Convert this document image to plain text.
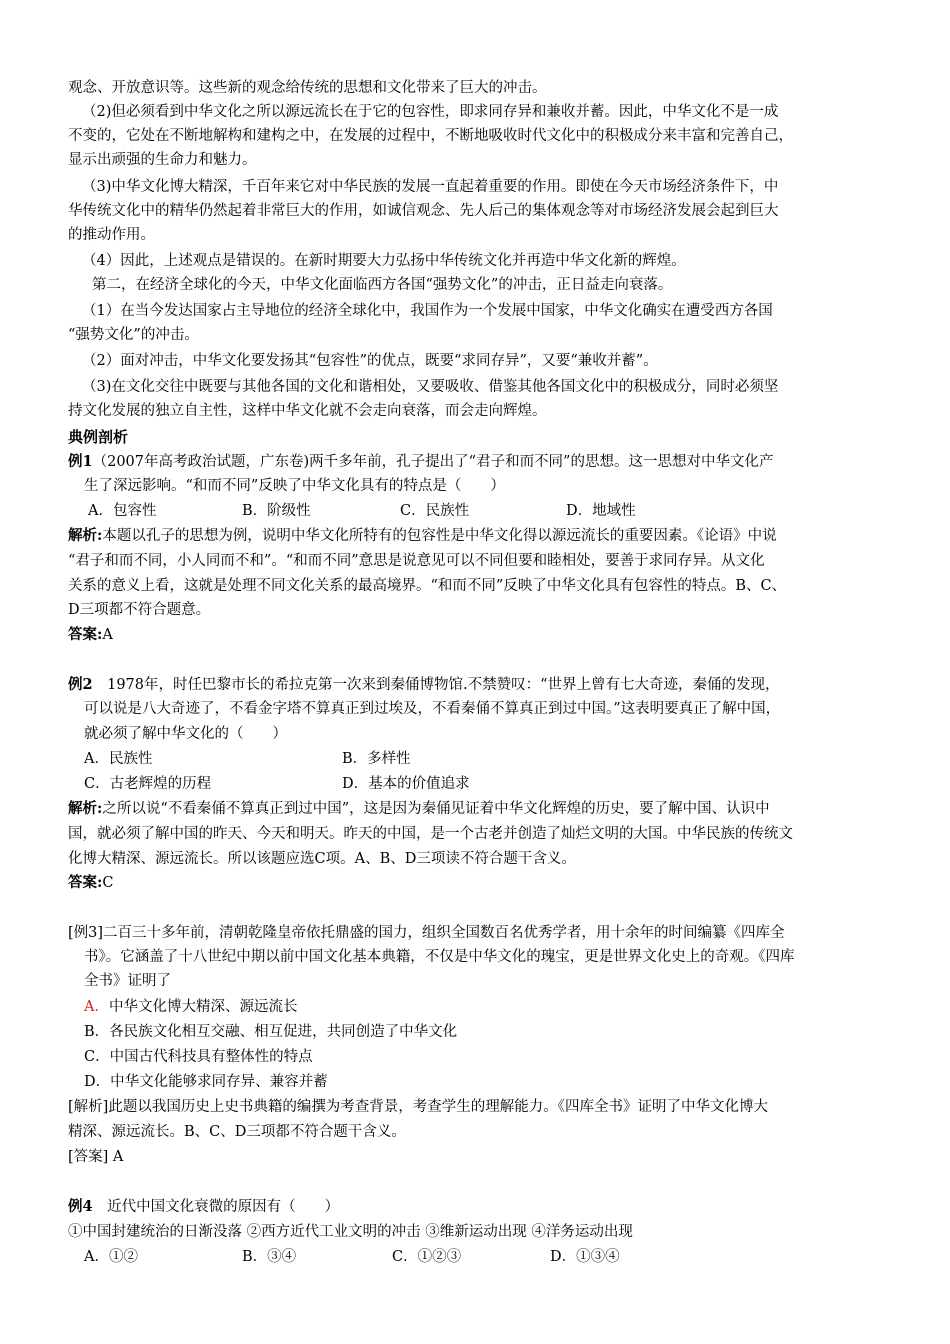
观念、开放意识等。这些新的观念给传统的思想和文化带来了巨大的冲击。
（2)但必须看到中华文化之所以源远流长在于它的包容性，即求同存异和兼收并蓄。因此，中华文化不是一成
不变的，它处在不断地解构和建构之中，在发展的过程中，不断地吸收时代文化中的积极成分来丰富和完善自己，
显示出顽强的生命力和魅力。
（3)中华文化博大精深，千百年来它对中华民族的发展一直起着重要的作用。即使在今天市场经济条件下，中
华传统文化中的精华仍然起着非常巨大的作用，如诚信观念、先人后己的集体观念等对市场经济发展会起到巨大
的推动作用。
（4）因此，上述观点是错误的。在新时期要大力弘扬中华传统文化并再造中华文化新的辉煌。
第二，在经济全球化的今天，中华文化面临西方各国“强势文化”的冲击，正日益走向衰落。
（1）在当今发达国家占主导地位的经济全球化中，我国作为一个发展中国家，中华文化确实在遭受西方各国
“强势文化”的冲击。
（2）面对冲击，中华文化要发扬其“包容性”的优点，既要“求同存异”，又要“兼收并蓄”。
（3)在文化交往中既要与其他各国的文化和谐相处，又要吸收、借鉴其他各国文化中的积极成分，同时必须坚
持文化发展的独立自主性，这样中华文化就不会走向衰落，而会走向辉煌。
典例剖析
例1（2007年高考政治试题，广东卷)两千多年前，孔子提出了“君子和而不同”的思想。这一思想对中华文化产
生了深远影响。“和而不同”反映了中华文化具有的特点是（　　）
A．包容性	B．阶级性	C．民族性	D．地域性
解析:本题以孔子的思想为例，说明中华文化所特有的包容性是中华文化得以源远流长的重要因素。《论语》中说
“君子和而不同，小人同而不和”。“和而不同”意思是说意见可以不同但要和睦相处，要善于求同存异。从文化
关系的意义上看，这就是处理不同文化关系的最高境界。“和而不同”反映了中华文化具有包容性的特点。B、C、
D三项都不符合题意。
答案:A
例2　1978年，时任巴黎市长的希拉克第一次来到秦俑博物馆.不禁赞叹：“世界上曾有七大奇迹，秦俑的发现，
可以说是八大奇迹了，不看金字塔不算真正到过埃及，不看秦俑不算真正到过中国。”这表明要真正了解中国，
就必须了解中华文化的（　　）
A．民族性	B．多样性
C．古老辉煌的历程	D．基本的价值追求
解析:之所以说“不看秦俑不算真正到过中国”，这是因为秦俑见证着中华文化辉煌的历史，要了解中国、认识中
国，就必须了解中国的昨天、今天和明天。昨天的中国，是一个古老并创造了灿烂文明的大国。中华民族的传统文
化博大精深、源远流长。所以该题应选C项。A、B、D三项读不符合题干含义。
答案:C
[例3]二百三十多年前，清朝乾隆皇帝依托鼎盛的国力，组织全国数百名优秀学者，用十余年的时间编纂《四库全
书》。它涵盖了十八世纪中期以前中国文化基本典籍，不仅是中华文化的瑰宝，更是世界文化史上的奇观。《四库
全书》证明了
A．中华文化博大精深、源远流长
B．各民族文化相互交融、相互促进，共同创造了中华文化
C．中国古代科技具有整体性的特点
D．中华文化能够求同存异、兼容并蓄
[解析]此题以我国历史上史书典籍的编撰为考查背景，考查学生的理解能力。《四库全书》证明了中华文化博大
精深、源远流长。B、C、D三项都不符合题干含义。
[答案] A
例4　近代中国文化衰微的原因有（　　）
①中国封建统治的日渐没落 ②西方近代工业文明的冲击 ③维新运动出现 ④洋务运动出现
A．①②	B．③④	C．①②③	D．①③④
